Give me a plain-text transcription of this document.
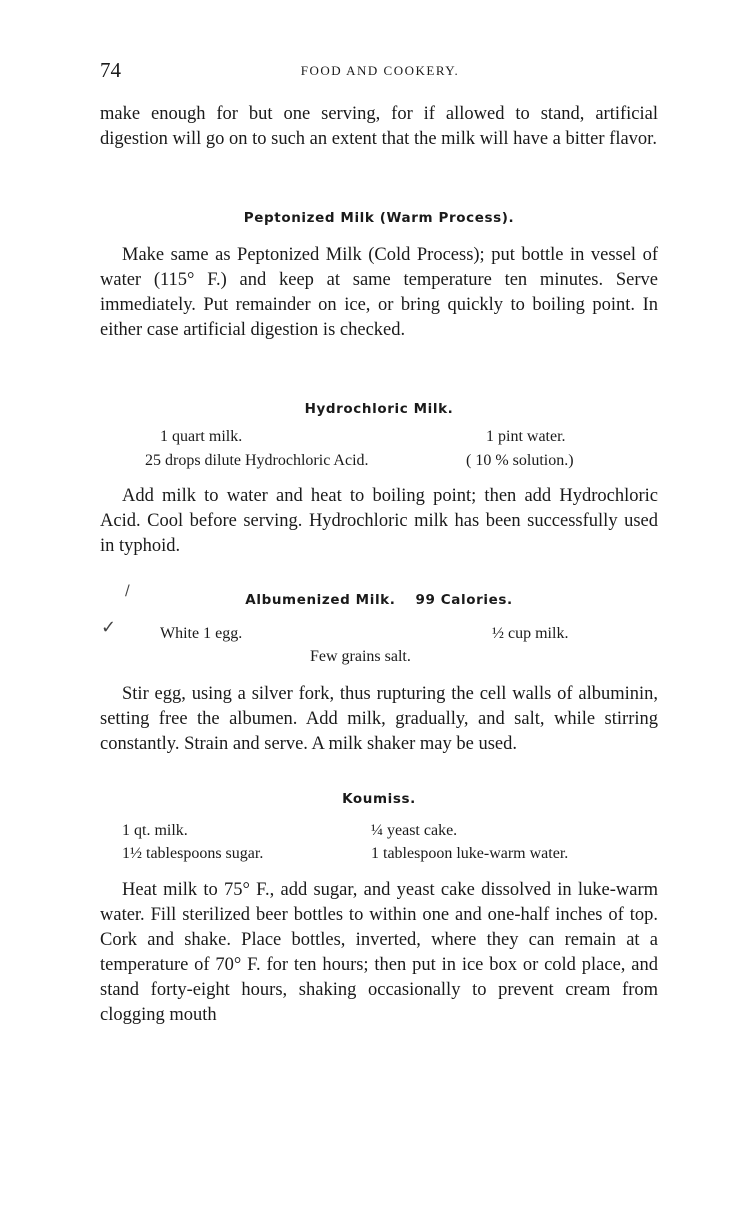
74	FOOD AND COOKERY.

make enough for but one serving, for if allowed to stand, artificial digestion will go on to such an extent that the milk will have a bitter flavor.

Peptonized Milk (Warm Process).

Make same as Peptonized Milk (Cold Process); put bottle in vessel of water (115° F.) and keep at same temperature ten minutes. Serve immediately. Put remainder on ice, or bring quickly to boiling point. In either case artificial digestion is checked.

Hydrochloric Milk.
1 quart milk.	1 pint water.
25 drops dilute Hydrochloric Acid.	( 10 % solution.)

Add milk to water and heat to boiling point; then add Hydrochloric Acid. Cool before serving. Hydrochloric milk has been successfully used in typhoid.

/
Albumenized Milk. 99 Calories.
✓	White 1 egg.	½ cup milk.
Few grains salt.

Stir egg, using a silver fork, thus rupturing the cell walls of albuminin, setting free the albumen. Add milk, gradually, and salt, while stirring constantly. Strain and serve. A milk shaker may be used.

Koumiss.
1 qt. milk.	¼ yeast cake.
1½ tablespoons sugar.	1 tablespoon luke-warm water.

Heat milk to 75° F., add sugar, and yeast cake dissolved in luke-warm water. Fill sterilized beer bottles to within one and one-half inches of top. Cork and shake. Place bottles, inverted, where they can remain at a temperature of 70° F. for ten hours; then put in ice box or cold place, and stand forty-eight hours, shaking occasionally to prevent cream from clogging mouth
